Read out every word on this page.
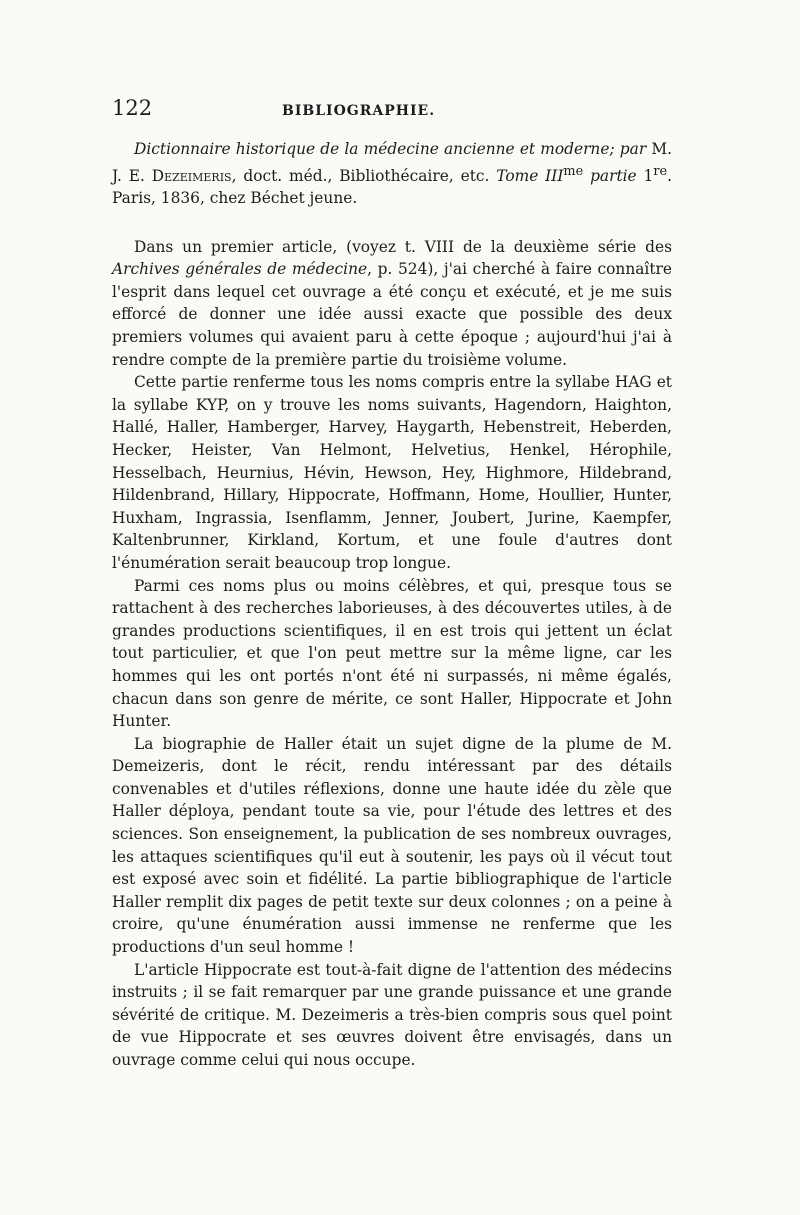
122	BIBLIOGRAPHIE.
Dictionnaire historique de la médecine ancienne et moderne; par M. J. E. Dezeimeris, doct. méd., Bibliothécaire, etc. Tome $III^{me}$ partie 1re. Paris, 1836, chez Béchet jeune.

Dans un premier article, (voyez t. VIII de la deuxième série des Archives générales de médecine, p. 524), j'ai cherché à faire connaître l'esprit dans lequel cet ouvrage a été conçu et exécuté, et je me suis efforcé de donner une idée aussi exacte que possible des deux premiers volumes qui avaient paru à cette époque ; aujourd'hui j'ai à rendre compte de la première partie du troisième volume.

Cette partie renferme tous les noms compris entre la syllabe HAG et la syllabe KYP, on y trouve les noms suivants, Hagendorn, Haighton, Hallé, Haller, Hamberger, Harvey, Haygarth, Hebenstreit, Heberden, Hecker, Heister, Van Helmont, Helvetius, Henkel, Hérophile, Hesselbach, Heurnius, Hévin, Hewson, Hey, Highmore, Hildebrand, Hildenbrand, Hillary, Hippocrate, Hoffmann, Home, Houllier, Hunter, Huxham, Ingrassia, Isenflamm, Jenner, Joubert, Jurine, Kaempfer, Kaltenbrunner, Kirkland, Kortum, et une foule d'autres dont l'énumération serait beaucoup trop longue.

Parmi ces noms plus ou moins célèbres, et qui, presque tous se rattachent à des recherches laborieuses, à des découvertes utiles, à de grandes productions scientifiques, il en est trois qui jettent un éclat tout particulier, et que l'on peut mettre sur la même ligne, car les hommes qui les ont portés n'ont été ni surpassés, ni même égalés, chacun dans son genre de mérite, ce sont Haller, Hippocrate et John Hunter.

La biographie de Haller était un sujet digne de la plume de M. Demeizeris, dont le récit, rendu intéressant par des détails convenables et d'utiles réflexions, donne une haute idée du zèle que Haller déploya, pendant toute sa vie, pour l'étude des lettres et des sciences. Son enseignement, la publication de ses nombreux ouvrages, les attaques scientifiques qu'il eut à soutenir, les pays où il vécut tout est exposé avec soin et fidélité. La partie bibliographique de l'article Haller remplit dix pages de petit texte sur deux colonnes ; on a peine à croire, qu'une énumération aussi immense ne renferme que les productions d'un seul homme !

L'article Hippocrate est tout-à-fait digne de l'attention des médecins instruits ; il se fait remarquer par une grande puissance et une grande sévérité de critique. M. Dezeimeris a très-bien compris sous quel point de vue Hippocrate et ses œuvres doivent être envisagés, dans un ouvrage comme celui qui nous occupe.
